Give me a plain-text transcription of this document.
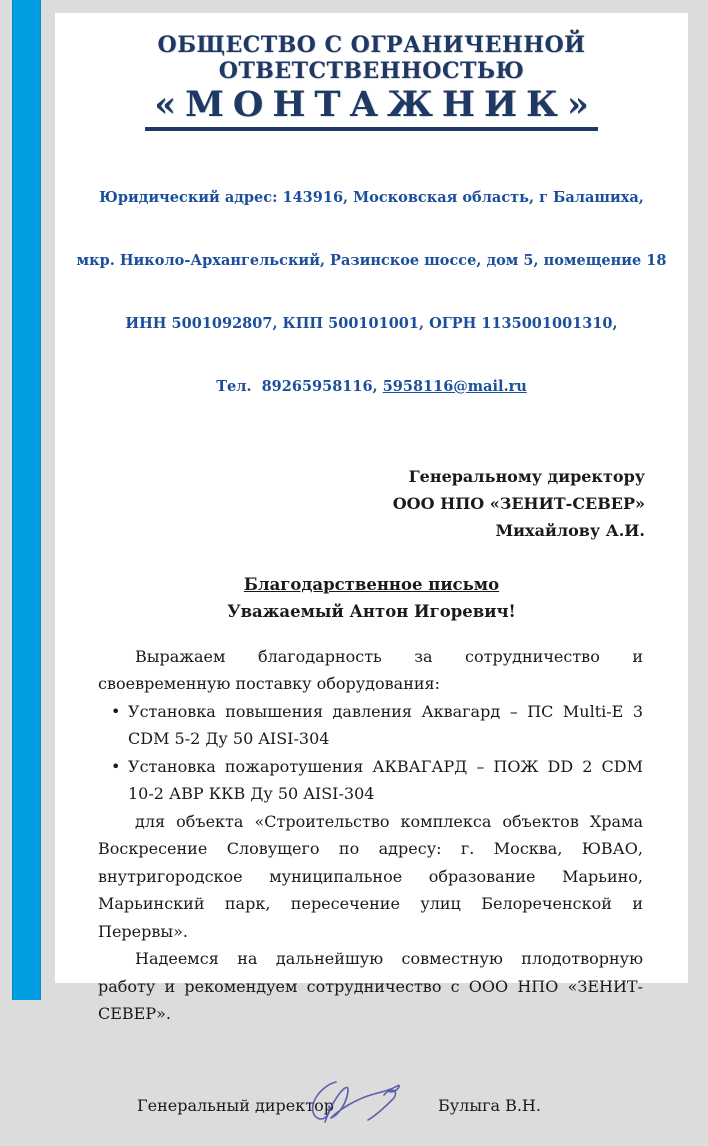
ОБЩЕСТВО С ОГРАНИЧЕННОЙ ОТВЕТСТВЕННОСТЬЮ
«МОНТАЖНИК»

Юридический адрес: 143916, Московская область, г Балашиха,

мкр. Николо-Архангельский, Разинское шоссе, дом 5, помещение 18

ИНН 5001092807, КПП 500101001, ОГРН 1135001001310,

Тел.  89265958116, 5958116@mail.ru

Генеральному директору
ООО НПО «ЗЕНИТ-СЕВЕР»
Михайлову А.И.
Благодарственное письмо
Уважаемый Антон Игоревич!

Выражаем благодарность за сотрудничество и своевременную поставку оборудования:

• Установка повышения давления Аквагард – ПС Multi-E 3 CDM 5-2 Ду 50 AISI-304
• Установка пожаротушения АКВАГАРД – ПОЖ DD 2 CDM 10-2 АВР ККВ Ду 50 AISI-304

для объекта «Строительство комплекса объектов Храма Воскресение Словущего по адресу: г. Москва, ЮВАО, внутригородское муниципальное образование Марьино, Марьинский парк, пересечение улиц Белореченской и Перервы».

Надеемся на дальнейшую совместную плодотворную работу и рекомендуем сотрудничество с ООО НПО «ЗЕНИТ-СЕВЕР».

Генеральный директор	Булыга В.Н.
